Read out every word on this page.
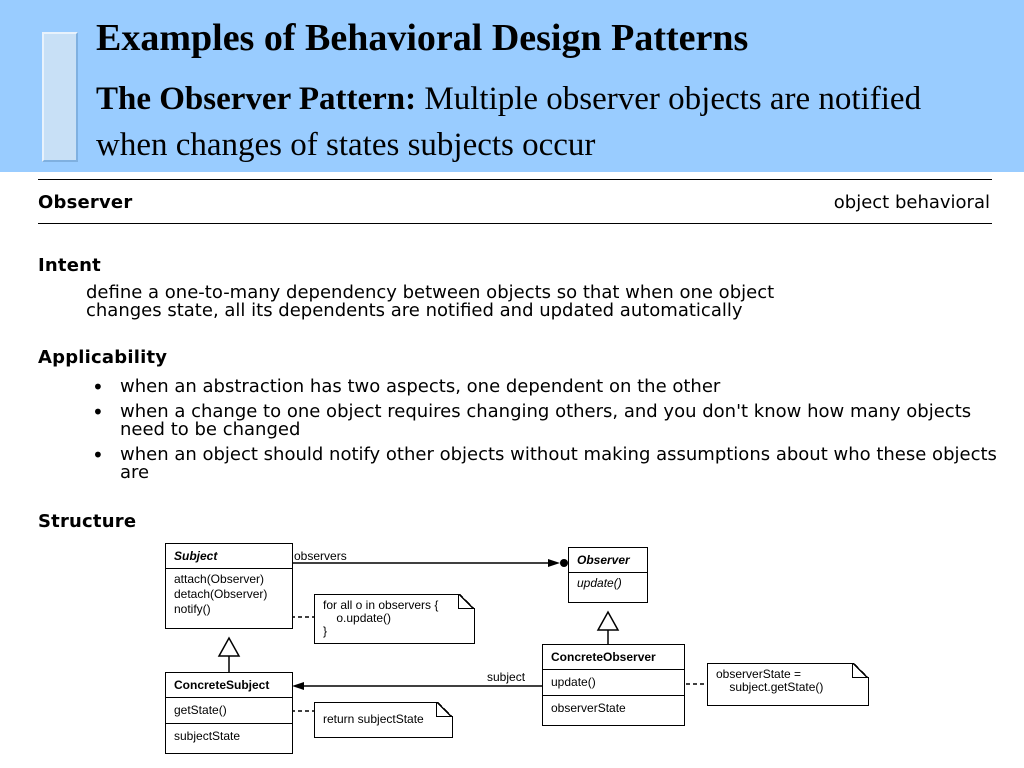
Examples of Behavioral Design Patterns
The Observer Pattern: Multiple observer objects are notified when changes of states subjects occur
Observer	object behavioral
Intent
define a one-to-many dependency between objects so that when one object
changes state, all its dependents are notified and updated automatically
Applicability
• when an abstraction has two aspects, one dependent on the other
• when a change to one object requires changing others, and you don't know how many objects need to be changed
• when an object should notify other objects without making assumptions about who these objects are
Structure
observers
subject
Subject
attach(Observer)
detach(Observer)
notify()
Observer
update()
for all o in observers {
o.update()
}
ConcreteSubject
getState()
subjectState
return subjectState
ConcreteObserver
update()
observerState
observerState =
subject.getState()
